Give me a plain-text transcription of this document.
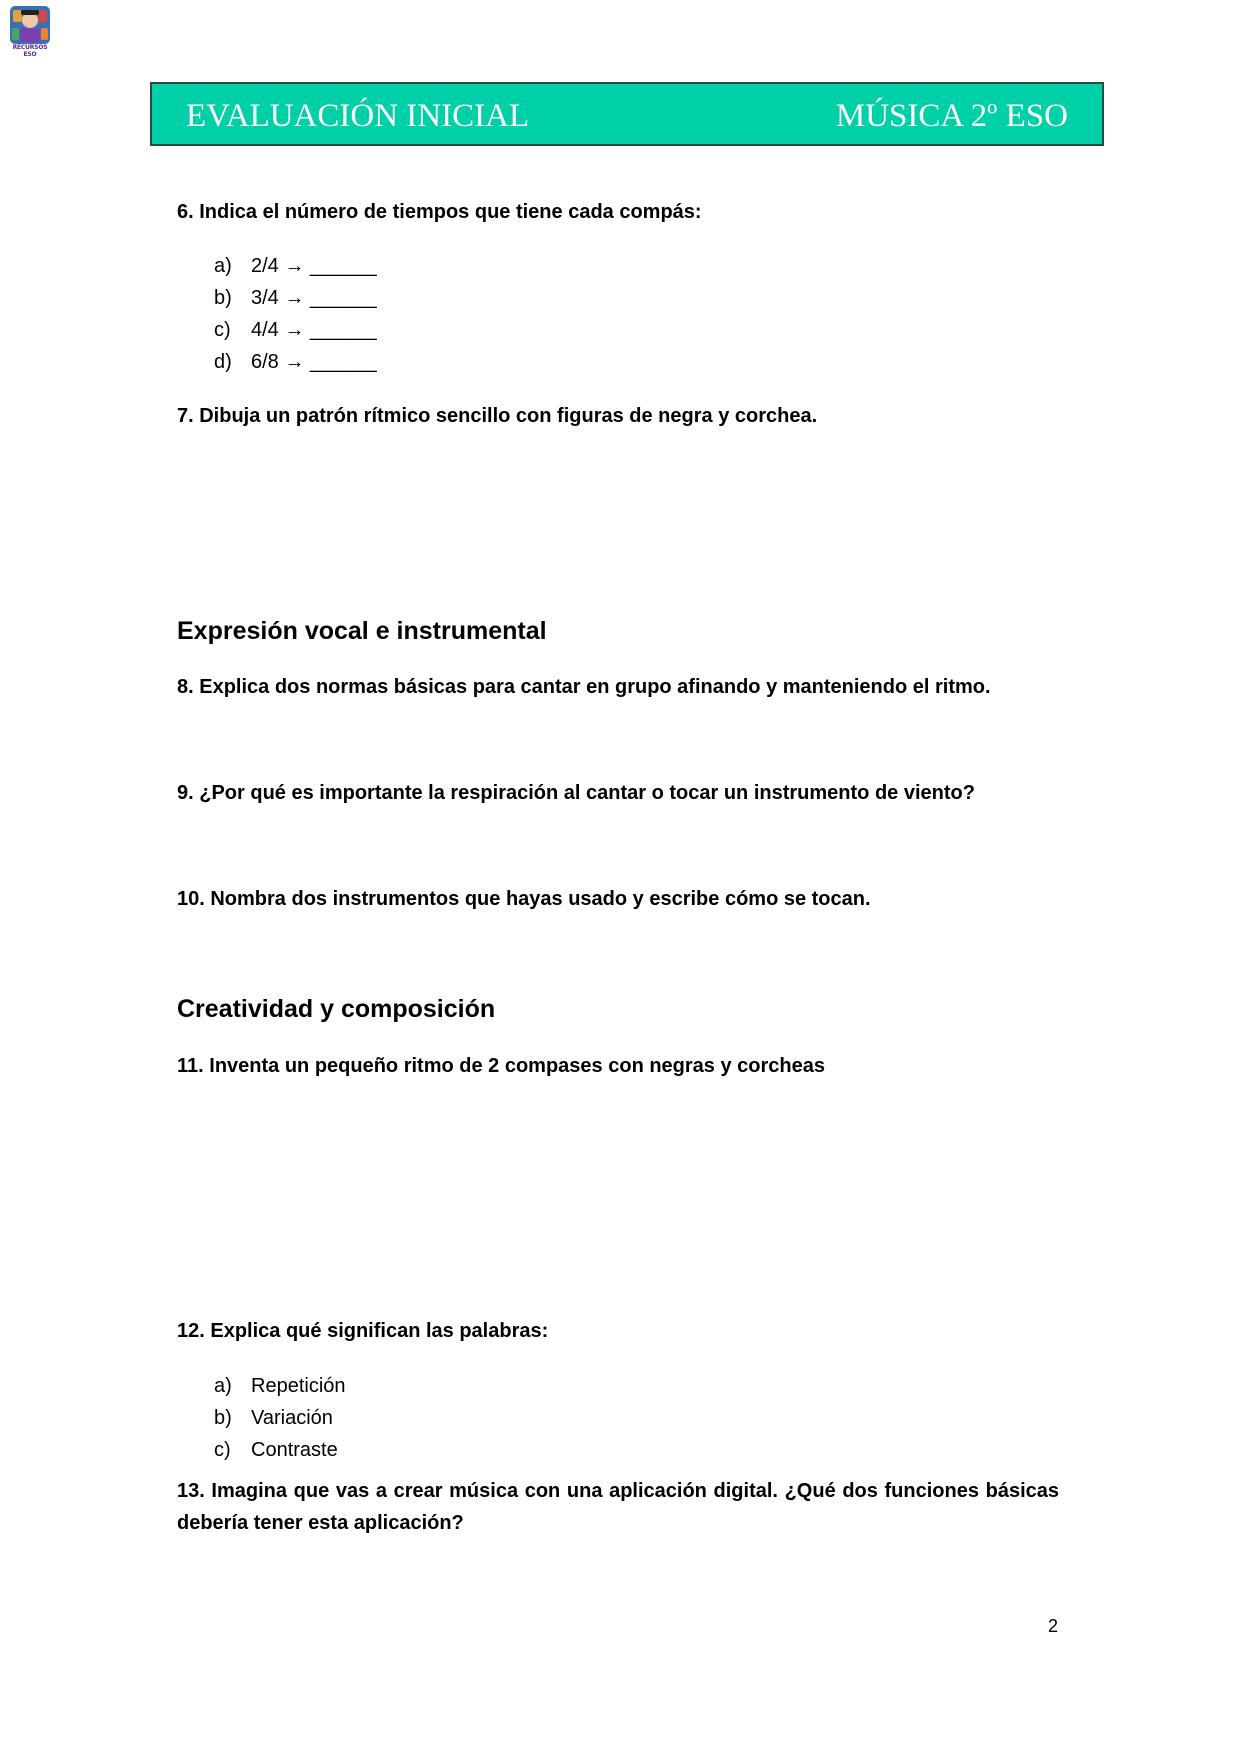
RECURSOS ESO
EVALUACIÓN INICIAL	MÚSICA 2º ESO

6. Indica el número de tiempos que tiene cada compás:

a) 2/4 → ______
b) 3/4 → ______
c) 4/4 → ______
d) 6/8 → ______

7. Dibuja un patrón rítmico sencillo con figuras de negra y corchea.

Expresión vocal e instrumental

8. Explica dos normas básicas para cantar en grupo afinando y manteniendo el ritmo.

9. ¿Por qué es importante la respiración al cantar o tocar un instrumento de viento?

10. Nombra dos instrumentos que hayas usado y escribe cómo se tocan.

Creatividad y composición

11. Inventa un pequeño ritmo de 2 compases con negras y corcheas

12. Explica qué significan las palabras:

a) Repetición
b) Variación
c) Contraste

13. Imagina que vas a crear música con una aplicación digital. ¿Qué dos funciones básicas debería tener esta aplicación?

2
